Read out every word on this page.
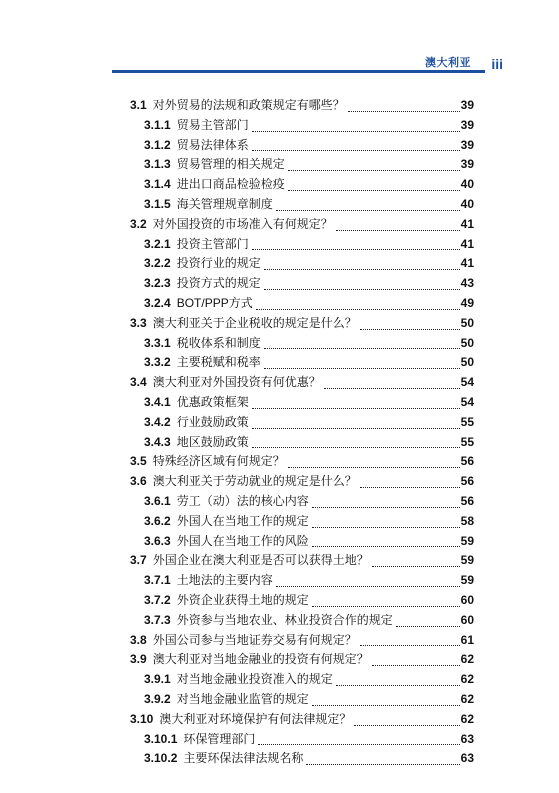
澳大利亚 iii
3.1 对外贸易的法规和政策规定有哪些？	39
3.1.1 贸易主管部门	39
3.1.2 贸易法律体系	39
3.1.3 贸易管理的相关规定	39
3.1.4 进出口商品检验检疫	40
3.1.5 海关管理规章制度	40
3.2 对外国投资的市场准入有何规定？	41
3.2.1 投资主管部门	41
3.2.2 投资行业的规定	41
3.2.3 投资方式的规定	43
3.2.4 BOT/PPP方式	49
3.3 澳大利亚关于企业税收的规定是什么？	50
3.3.1 税收体系和制度	50
3.3.2 主要税赋和税率	50
3.4 澳大利亚对外国投资有何优惠？	54
3.4.1 优惠政策框架	54
3.4.2 行业鼓励政策	55
3.4.3 地区鼓励政策	55
3.5 特殊经济区域有何规定？	56
3.6 澳大利亚关于劳动就业的规定是什么？	56
3.6.1 劳工（动）法的核心内容	56
3.6.2 外国人在当地工作的规定	58
3.6.3 外国人在当地工作的风险	59
3.7 外国企业在澳大利亚是否可以获得土地？	59
3.7.1 土地法的主要内容	59
3.7.2 外资企业获得土地的规定	60
3.7.3 外资参与当地农业、林业投资合作的规定	60
3.8 外国公司参与当地证券交易有何规定？	61
3.9 澳大利亚对当地金融业的投资有何规定？	62
3.9.1 对当地金融业投资准入的规定	62
3.9.2 对当地金融业监管的规定	62
3.10 澳大利亚对环境保护有何法律规定？	62
3.10.1 环保管理部门	63
3.10.2 主要环保法律法规名称	63
